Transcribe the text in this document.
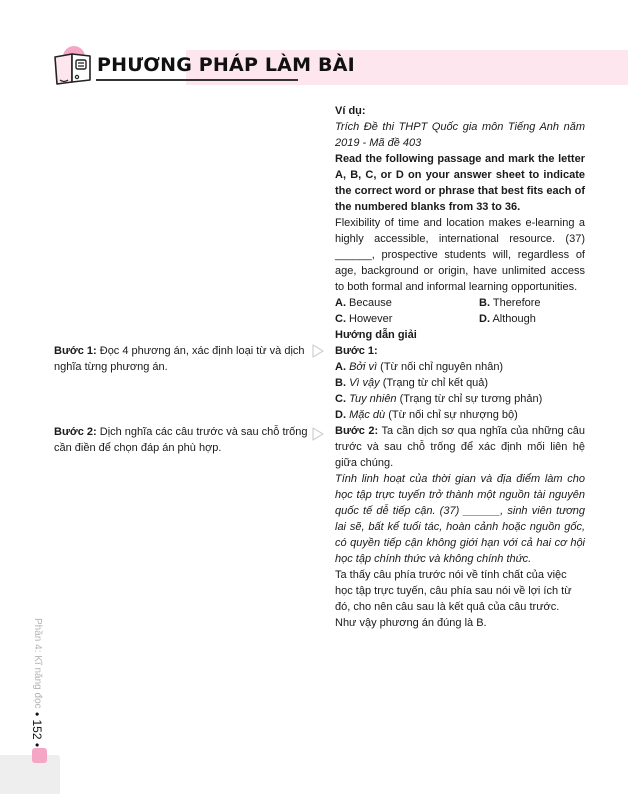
PHƯƠNG PHÁP LÀM BÀI
Bước 1: Đọc 4 phương án, xác định loại từ và dịch nghĩa từng phương án.
Bước 2: Dịch nghĩa các câu trước và sau chỗ trống cần điền để chọn đáp án phù hợp.

Ví dụ:

Trích Đề thi THPT Quốc gia môn Tiếng Anh năm 2019 - Mã đề 403

Read the following passage and mark the letter A, B, C, or D on your answer sheet to indicate the correct word or phrase that best fits each of the numbered blanks from 33 to 36.

Flexibility of time and location makes e-learning a highly accessible, international resource. (37) ______, prospective students will, regardless of age, background or origin, have unlimited access to both formal and informal learning opportunities.

A. Because	B. Therefore
C. However	D. Although

Hướng dẫn giải

Bước 1:

A. Bởi vì (Từ nối chỉ nguyên nhân)

B. Vì vậy (Trạng từ chỉ kết quả)

C. Tuy nhiên (Trạng từ chỉ sự tương phản)

D. Mặc dù (Từ nối chỉ sự nhượng bộ)

Bước 2: Ta cần dịch sơ qua nghĩa của những câu trước và sau chỗ trống để xác định mối liên hệ giữa chúng.

Tính linh hoạt của thời gian và địa điểm làm cho học tập trực tuyến trở thành một nguồn tài nguyên quốc tế dễ tiếp cận. (37) ______, sinh viên tương lai sẽ, bất kể tuổi tác, hoàn cảnh hoặc nguồn gốc, có quyền tiếp cận không giới hạn với cả hai cơ hội học tập chính thức và không chính thức.

Ta thấy câu phía trước nói về tính chất của việc học tập trực tuyến, câu phía sau nói về lợi ích từ đó, cho nên câu sau là kết quả của câu trước.

Như vậy phương án đúng là B.

Phần 4: Kĩ năng đọc • 152 •
